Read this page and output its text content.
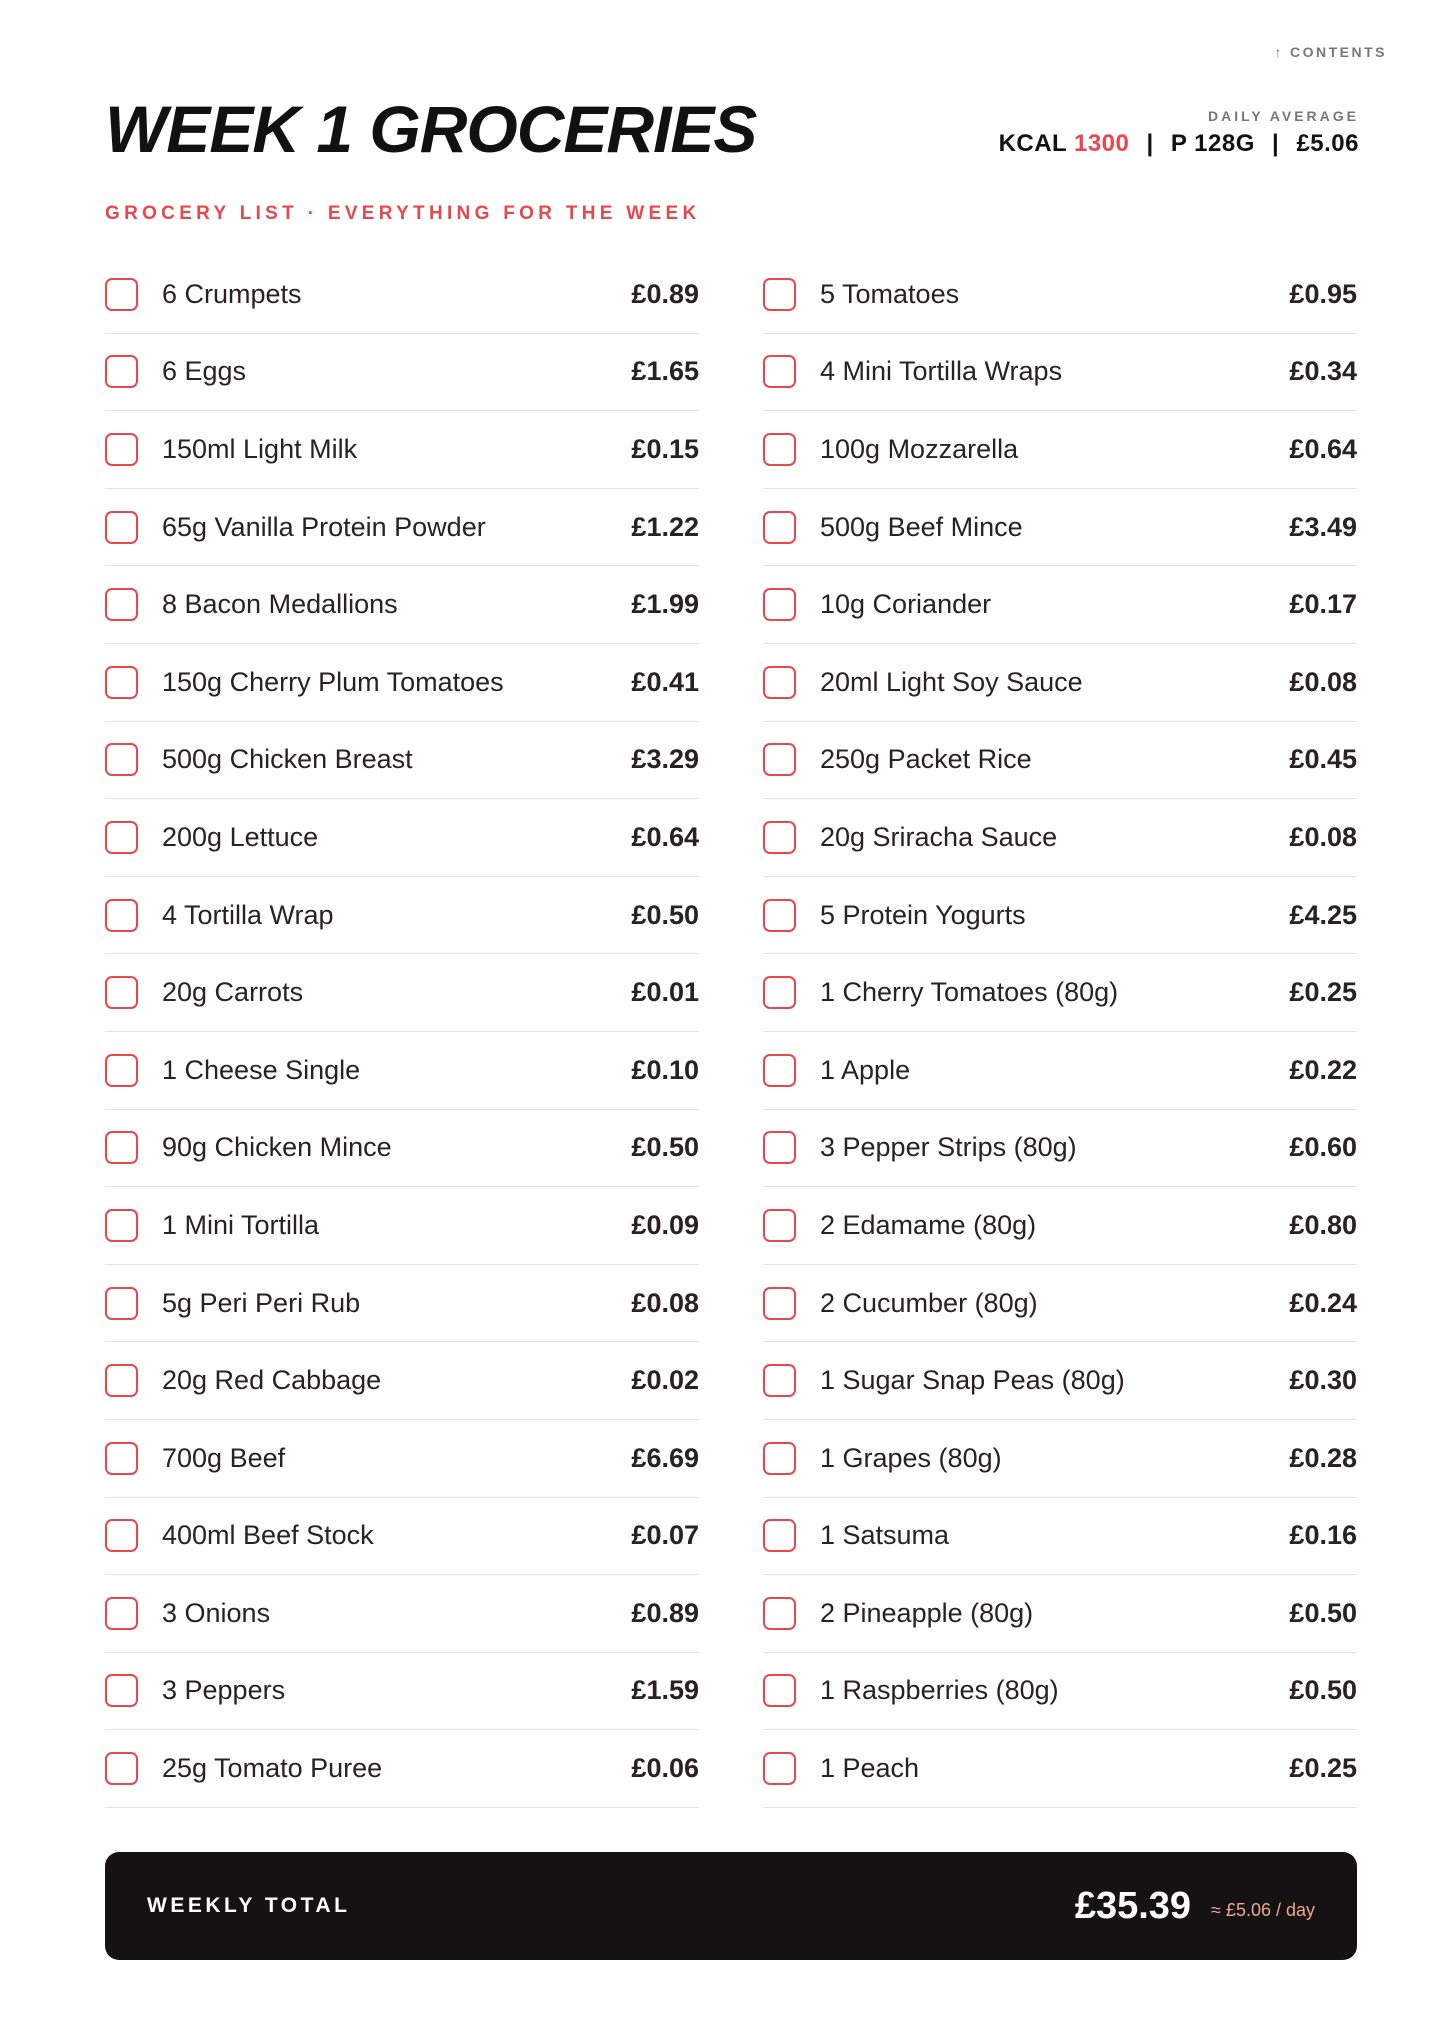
↑ CONTENTS
WEEK 1 GROCERIES
GROCERY LIST · EVERYTHING FOR THE WEEK
DAILY AVERAGE
KCAL 1300 | P 128G | £5.06
6 Crumpets	£0.89
6 Eggs	£1.65
150ml Light Milk	£0.15
65g Vanilla Protein Powder	£1.22
8 Bacon Medallions	£1.99
150g Cherry Plum Tomatoes	£0.41
500g Chicken Breast	£3.29
200g Lettuce	£0.64
4 Tortilla Wrap	£0.50
20g Carrots	£0.01
1 Cheese Single	£0.10
90g Chicken Mince	£0.50
1 Mini Tortilla	£0.09
5g Peri Peri Rub	£0.08
20g Red Cabbage	£0.02
700g Beef	£6.69
400ml Beef Stock	£0.07
3 Onions	£0.89
3 Peppers	£1.59
25g Tomato Puree	£0.06
5 Tomatoes	£0.95
4 Mini Tortilla Wraps	£0.34
100g Mozzarella	£0.64
500g Beef Mince	£3.49
10g Coriander	£0.17
20ml Light Soy Sauce	£0.08
250g Packet Rice	£0.45
20g Sriracha Sauce	£0.08
5 Protein Yogurts	£4.25
1 Cherry Tomatoes (80g)	£0.25
1 Apple	£0.22
3 Pepper Strips (80g)	£0.60
2 Edamame (80g)	£0.80
2 Cucumber (80g)	£0.24
1 Sugar Snap Peas (80g)	£0.30
1 Grapes (80g)	£0.28
1 Satsuma	£0.16
2 Pineapple (80g)	£0.50
1 Raspberries (80g)	£0.50
1 Peach	£0.25
WEEKLY TOTAL	£35.39 ≈ £5.06 / day
